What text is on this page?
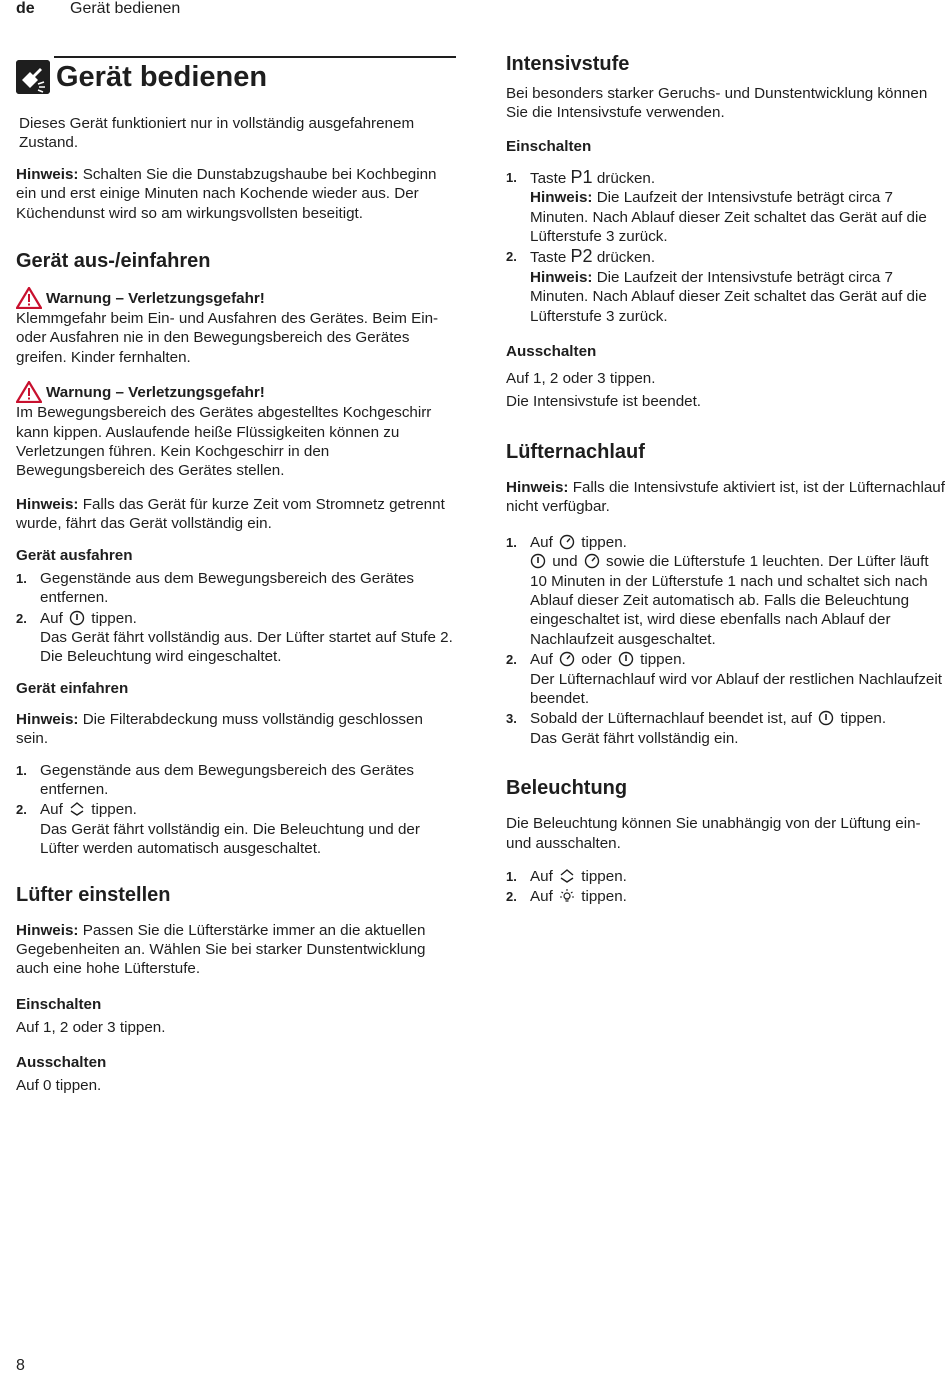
de Gerät bedienen
Gerät bedienen

Dieses Gerät funktioniert nur in vollständig ausgefahrenem Zustand.

Hinweis: Schalten Sie die Dunstabzugshaube bei Kochbeginn ein und erst einige Minuten nach Kochende wieder aus. Der Küchendunst wird so am wirkungsvollsten beseitigt.

Gerät aus-/einfahren
Warnung – Verletzungsgefahr!

Klemmgefahr beim Ein- und Ausfahren des Gerätes. Beim Ein- oder Ausfahren nie in den Bewegungsbereich des Gerätes greifen. Kinder fernhalten.

Warnung – Verletzungsgefahr!

Im Bewegungsbereich des Gerätes abgestelltes Kochgeschirr kann kippen. Auslaufende heiße Flüssigkeiten können zu Verletzungen führen. Kein Kochgeschirr in den Bewegungsbereich des Gerätes stellen.

Hinweis: Falls das Gerät für kurze Zeit vom Stromnetz getrennt wurde, fährt das Gerät vollständig ein.

Gerät ausfahren
1. Gegenstände aus dem Bewegungsbereich des Gerätes entfernen.
2. Auf tippen.
Das Gerät fährt vollständig aus. Der Lüfter startet auf Stufe 2. Die Beleuchtung wird eingeschaltet.
Gerät einfahren

Hinweis: Die Filterabdeckung muss vollständig geschlossen sein.

1. Gegenstände aus dem Bewegungsbereich des Gerätes entfernen.
2. Auf tippen.
Das Gerät fährt vollständig ein. Die Beleuchtung und der Lüfter werden automatisch ausgeschaltet.
Lüfter einstellen

Hinweis: Passen Sie die Lüfterstärke immer an die aktuellen Gegebenheiten an. Wählen Sie bei starker Dunstentwicklung auch eine hohe Lüfterstufe.

Einschalten

Auf 1, 2 oder 3 tippen.

Ausschalten

Auf 0 tippen.

Intensivstufe

Bei besonders starker Geruchs- und Dunstentwicklung können Sie die Intensivstufe verwenden.

Einschalten
1. Taste P1 drücken.
Hinweis: Die Laufzeit der Intensivstufe beträgt circa 7 Minuten. Nach Ablauf dieser Zeit schaltet das Gerät auf die Lüfterstufe 3 zurück.
2. Taste P2 drücken.
Hinweis: Die Laufzeit der Intensivstufe beträgt circa 7 Minuten. Nach Ablauf dieser Zeit schaltet das Gerät auf die Lüfterstufe 3 zurück.
Ausschalten

Auf 1, 2 oder 3 tippen.

Die Intensivstufe ist beendet.

Lüfternachlauf

Hinweis: Falls die Intensivstufe aktiviert ist, ist der Lüfternachlauf nicht verfügbar.

1. Auf tippen.
und sowie die Lüfterstufe 1 leuchten. Der Lüfter läuft 10 Minuten in der Lüfterstufe 1 nach und schaltet sich nach Ablauf dieser Zeit automatisch ab. Falls die Beleuchtung eingeschaltet ist, wird diese ebenfalls nach Ablauf der Nachlaufzeit ausgeschaltet.
2. Auf oder tippen.
Der Lüfternachlauf wird vor Ablauf der restlichen Nachlaufzeit beendet.
3. Sobald der Lüfternachlauf beendet ist, auf tippen.
Das Gerät fährt vollständig ein.
Beleuchtung

Die Beleuchtung können Sie unabhängig von der Lüftung ein- und ausschalten.

1. Auf tippen.
2. Auf tippen.
8
